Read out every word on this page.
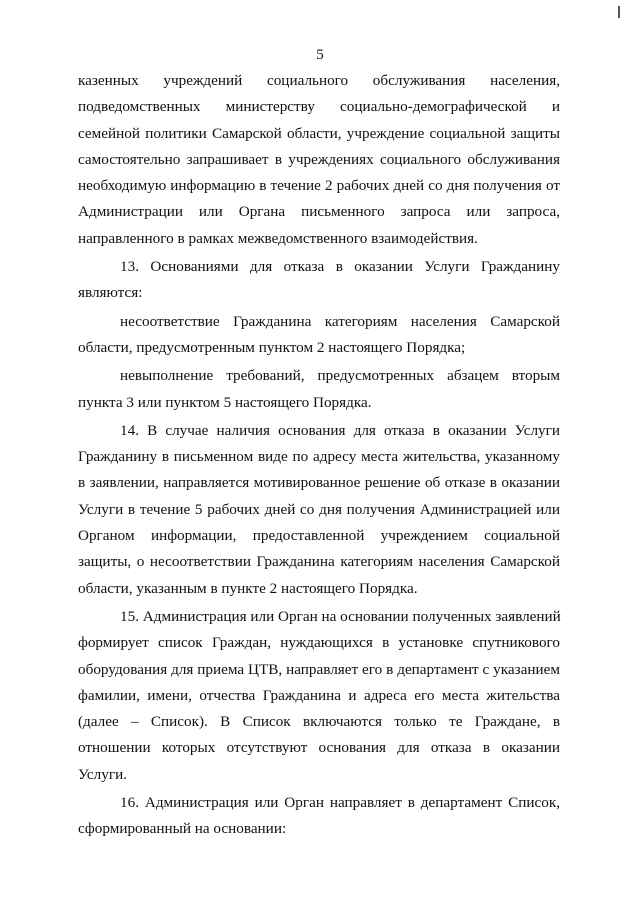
5
казенных учреждений социального обслуживания населения,
подведомственных министерству социально-демографической и
семейной политики Самарской области, учреждение социальной защиты
самостоятельно запрашивает в учреждениях социального обслуживания
необходимую информацию в течение 2 рабочих дней со дня получения от
Администрации или Органа письменного запроса или запроса,
направленного в рамках межведомственного взаимодействия.
13. Основаниями для отказа в оказании Услуги Гражданину
являются:
несоответствие Гражданина категориям населения Самарской
области, предусмотренным пунктом 2 настоящего Порядка;
невыполнение требований, предусмотренных абзацем вторым
пункта 3 или пунктом 5 настоящего Порядка.
14. В случае наличия основания для отказа в оказании Услуги
Гражданину в письменном виде по адресу места жительства, указанному
в заявлении, направляется мотивированное решение об отказе в оказании
Услуги в течение 5 рабочих дней со дня получения Администрацией или
Органом информации, предоставленной учреждением социальной
защиты, о несоответствии Гражданина категориям населения Самарской
области, указанным в пункте 2 настоящего Порядка.
15. Администрация или Орган на основании полученных заявлений
формирует список Граждан, нуждающихся в установке спутникового
оборудования для приема ЦТВ, направляет его в департамент с указанием
фамилии, имени, отчества Гражданина и адреса его места жительства
(далее – Список). В Список включаются только те Граждане, в
отношении которых отсутствуют основания для отказа в оказании
Услуги.
16. Администрация или Орган направляет в департамент Список,
сформированный на основании:
